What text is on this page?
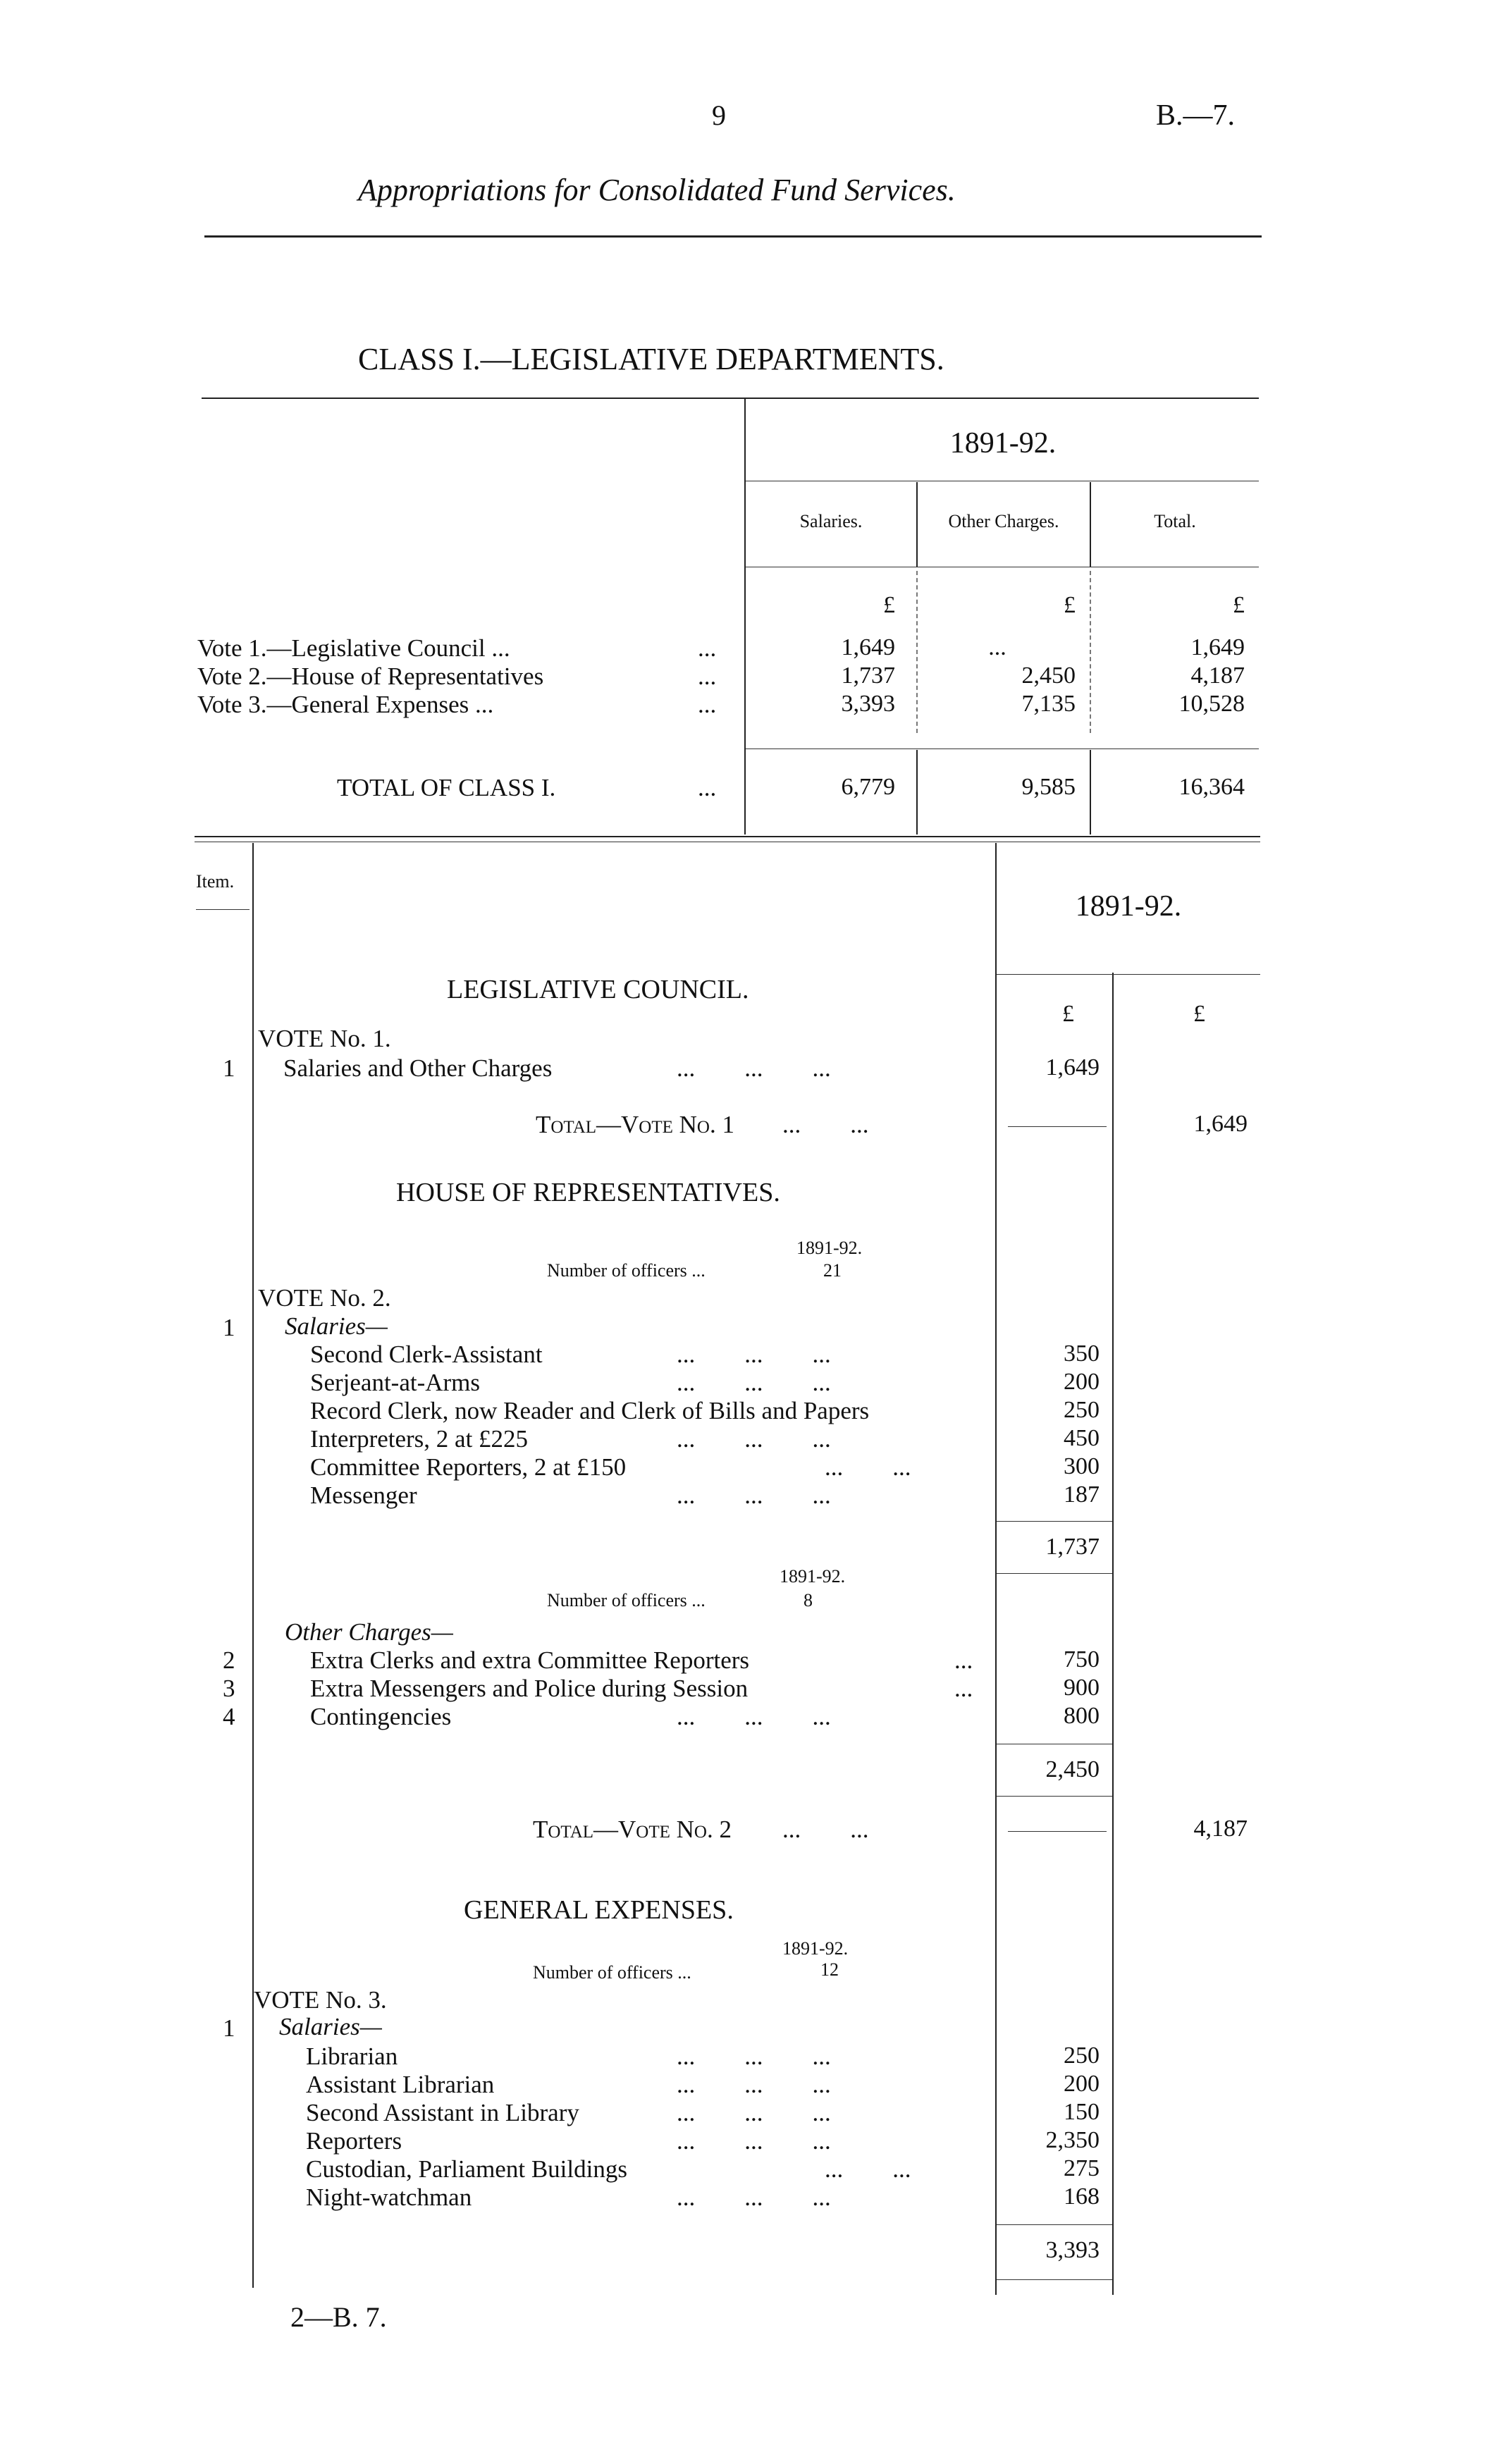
9	B.—7.
Appropriations for Consolidated Fund Services.
CLASS I.—LEGISLATIVE DEPARTMENTS.
1891-92.
Salaries.	Other Charges.	Total.
£	£	£
Vote 1.—Legislative Council ...	...	1,649	...	1,649
Vote 2.—House of Representatives	...	1,737	2,450	4,187
Vote 3.—General Expenses ...	...	3,393	7,135	10,528
TOTAL OF CLASS I.	...	6,779	9,585	16,364
Item.
1891-92.
LEGISLATIVE COUNCIL.
£	£
VOTE No. 1.
1 Salaries and Other Charges	...        ...        ...	1,649
Total—Vote No. 1 ...        ...	1,649
HOUSE OF REPRESENTATIVES.
1891-92.
Number of officers ...	21
VOTE No. 2.
1 Salaries—
Second Clerk-Assistant	...        ...        ...	350
Serjeant-at-Arms	...        ...        ...	200
Record Clerk, now Reader and Clerk of Bills and Papers	250
Interpreters, 2 at £225	...        ...        ...	450
Committee Reporters, 2 at £150	...        ...	300
Messenger	...        ...        ...	187
1,737
1891-92.
Number of officers ...	8
Other Charges—
2	Extra Clerks and extra Committee Reporters	...	750
3	Extra Messengers and Police during Session	...	900
4	Contingencies	...        ...        ...	800
2,450
Total—Vote No. 2 ...        ...	4,187
GENERAL EXPENSES.
1891-92.
Number of officers ...	12
VOTE No. 3.
1 Salaries—
Librarian	...        ...        ...	250
Assistant Librarian	...        ...        ...	200
Second Assistant in Library	...        ...        ...	150
Reporters	...        ...        ...	2,350
Custodian, Parliament Buildings	...        ...	275
Night-watchman	...        ...        ...	168
3,393
2—B. 7.
